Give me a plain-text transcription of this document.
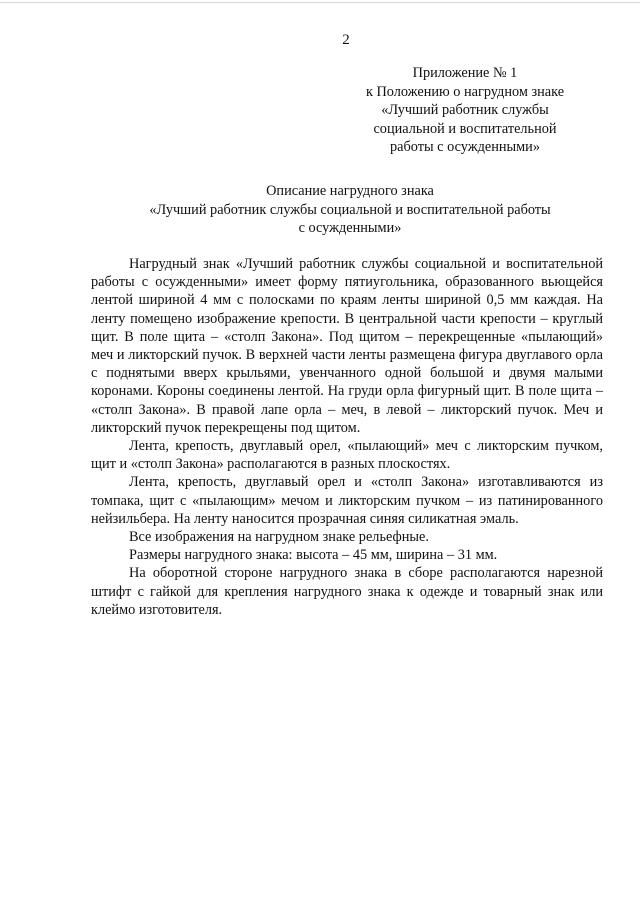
2
Приложение № 1
к Положению о нагрудном знаке
«Лучший работник службы
социальной и воспитательной
работы с осужденными»
Описание нагрудного знака
«Лучший работник службы социальной и воспитательной работы
с осужденными»

Нагрудный знак «Лучший работник службы социальной и воспитательной работы с осужденными» имеет форму пятиугольника, образованного вьющейся лентой шириной 4 мм с полосками по краям ленты шириной 0,5 мм каждая. На ленту помещено изображение крепости. В центральной части крепости – круглый щит. В поле щита – «столп Закона». Под щитом – перекрещенные «пылающий» меч и ликторский пучок. В верхней части ленты размещена фигура двуглавого орла с поднятыми вверх крыльями, увенчанного одной большой и двумя малыми коронами. Короны соединены лентой. На груди орла фигурный щит. В поле щита – «столп Закона». В правой лапе орла – меч, в левой – ликторский пучок. Меч и ликторский пучок перекрещены под щитом.

Лента, крепость, двуглавый орел, «пылающий» меч с ликторским пучком, щит и «столп Закона» располагаются в разных плоскостях.

Лента, крепость, двуглавый орел и «столп Закона» изготавливаются из томпака, щит с «пылающим» мечом и ликторским пучком – из патинированного нейзильбера. На ленту наносится прозрачная синяя силикатная эмаль.

Все изображения на нагрудном знаке рельефные.

Размеры нагрудного знака: высота – 45 мм, ширина – 31 мм.

На оборотной стороне нагрудного знака в сборе располагаются нарезной штифт с гайкой для крепления нагрудного знака к одежде и товарный знак или клеймо изготовителя.
